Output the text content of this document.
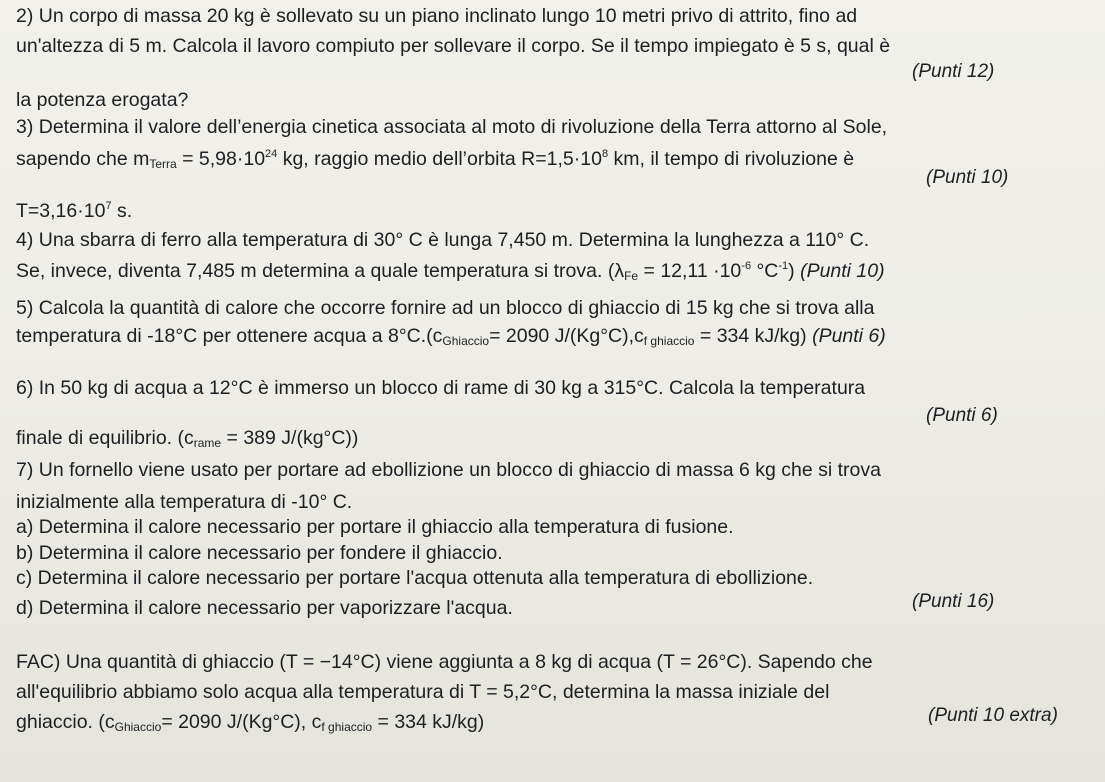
2) Un corpo di massa 20 kg è sollevato su un piano inclinato lungo 10 metri privo di attrito, fino ad
un'altezza di 5 m. Calcola il lavoro compiuto per sollevare il corpo. Se il tempo impiegato è 5 s, qual è
la potenza erogata?
(Punti 12)
3) Determina il valore dell’energia cinetica associata al moto di rivoluzione della Terra attorno al Sole,
sapendo che $m_{Terra} = 5,98\cdot 10^{24}$ kg, raggio medio dell’orbita $R=1,5\cdot 10^8$ km, il tempo di rivoluzione è
$T=3,16\cdot 10^7$ s.
(Punti 10)
4) Una sbarra di ferro alla temperatura di 30° C è lunga 7,450 m. Determina la lunghezza a 110° C.
Se, invece, diventa 7,485 m determina a quale temperatura si trova. ($\lambda_{Fe} = 12,11 \cdot 10^{-6}$ $^\circ C^{-1}$) (Punti 10)
5) Calcola la quantità di calore che occorre fornire ad un blocco di ghiaccio di 15 kg che si trova alla
temperatura di -18°C per ottenere acqua a $8^\circ C.(c_{Ghiaccio}= 2090$ $J/(Kg^\circ C),c_{f ghiaccio} = 334$ kJ/kg) (Punti 6)
6) In 50 kg di acqua a 12°C è immerso un blocco di rame di 30 kg a 315°C. Calcola la temperatura
finale di equilibrio. ($c_{rame} = 389$ J/(kg°C))
(Punti 6)
7) Un fornello viene usato per portare ad ebollizione un blocco di ghiaccio di massa 6 kg che si trova
inizialmente alla temperatura di -10° C.
a) Determina il calore necessario per portare il ghiaccio alla temperatura di fusione.
b) Determina il calore necessario per fondere il ghiaccio.
c) Determina il calore necessario per portare l'acqua ottenuta alla temperatura di ebollizione.
d) Determina il calore necessario per vaporizzare l'acqua.	(Punti 16)
FAC) Una quantità di ghiaccio (T = −14°C) viene aggiunta a 8 kg di acqua (T = 26°C). Sapendo che
all'equilibrio abbiamo solo acqua alla temperatura di T = 5,2°C, determina la massa iniziale del
ghiaccio. ($c_{Ghiaccio}= 2090$ J/(Kg°C), $c_{f ghiaccio} = 334$ kJ/kg)	(Punti 10 extra)
